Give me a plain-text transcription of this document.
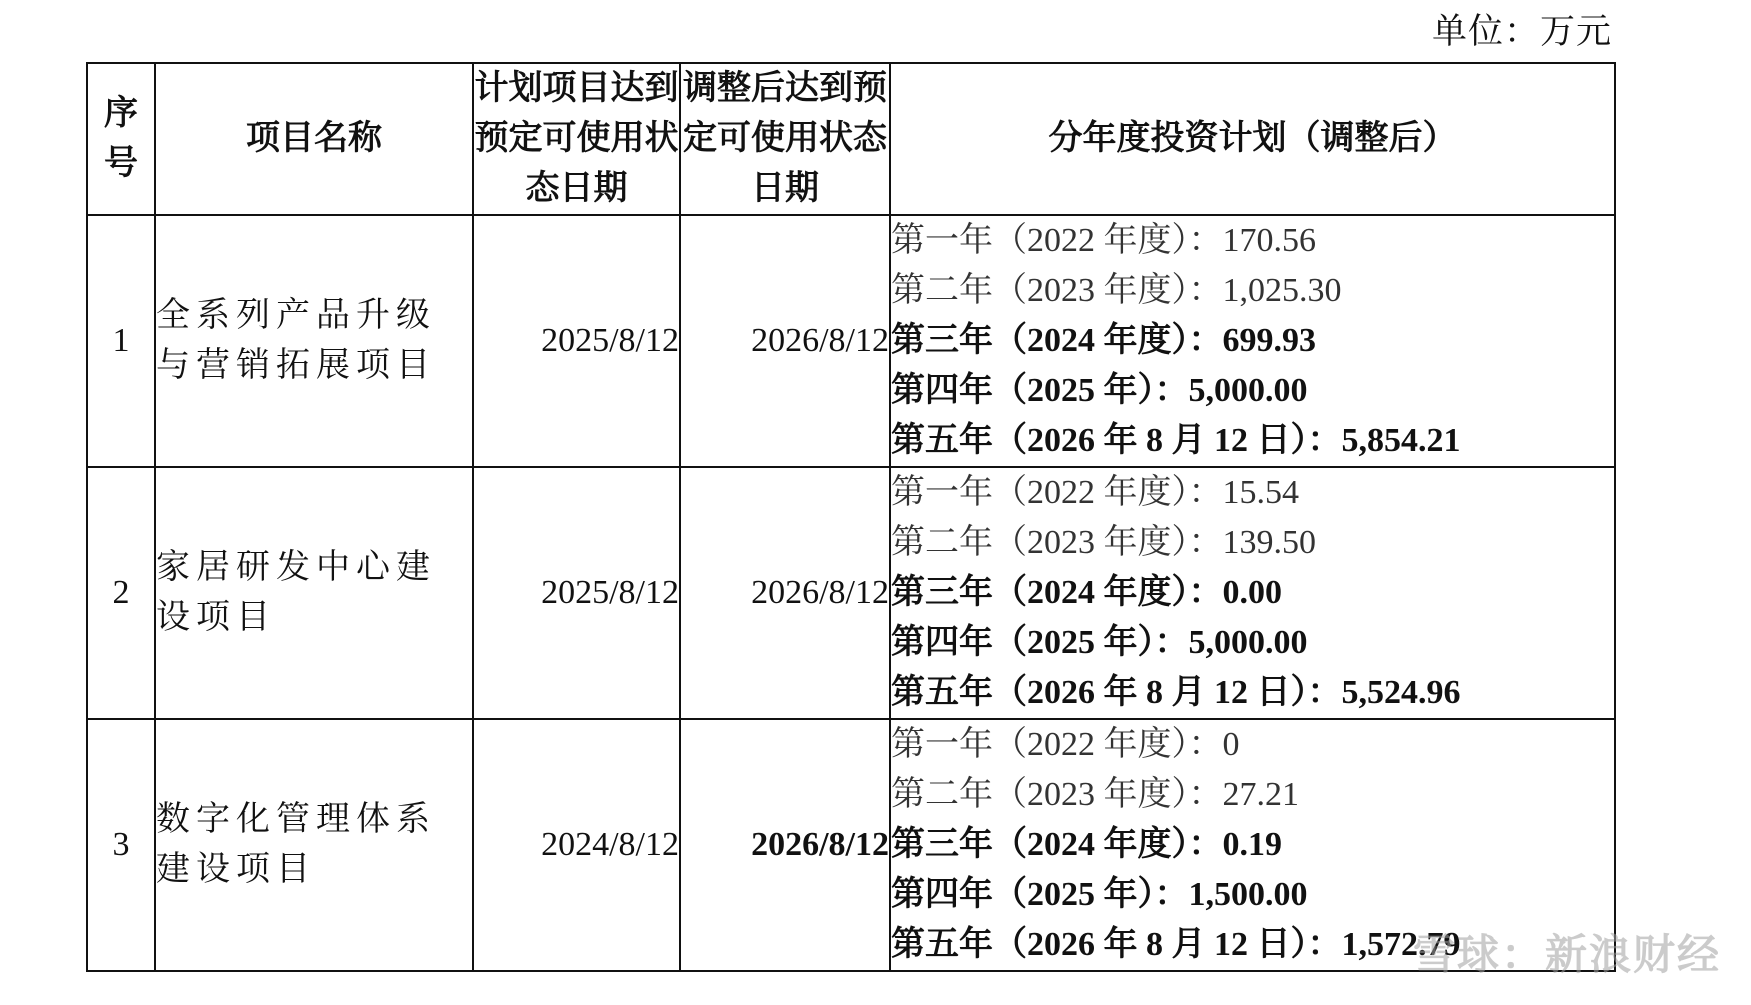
单位：万元
序号	项目名称	计划项目达到预定可使用状态日期	调整后达到预定可使用状态日期	分年度投资计划（调整后）
1	全系列产品升级与营销拓展项目	2025/8/12	2026/8/12	第一年（2022 年度）：170.56
第二年（2023 年度）：1,025.30
第三年（2024 年度）：699.93
第四年（2025 年）：5,000.00
第五年（2026 年 8 月 12 日）：5,854.21

2	家居研发中心建设项目	2025/8/12	2026/8/12	第一年（2022 年度）：15.54
第二年（2023 年度）：139.50
第三年（2024 年度）：0.00
第四年（2025 年）：5,000.00
第五年（2026 年 8 月 12 日）：5,524.96

3	数字化管理体系建设项目	2024/8/12	2026/8/12	第一年（2022 年度）：0
第二年（2023 年度）：27.21
第三年（2024 年度）：0.19
第四年（2025 年）：1,500.00
第五年（2026 年 8 月 12 日）：1,572.79
雪球：新浪财经
